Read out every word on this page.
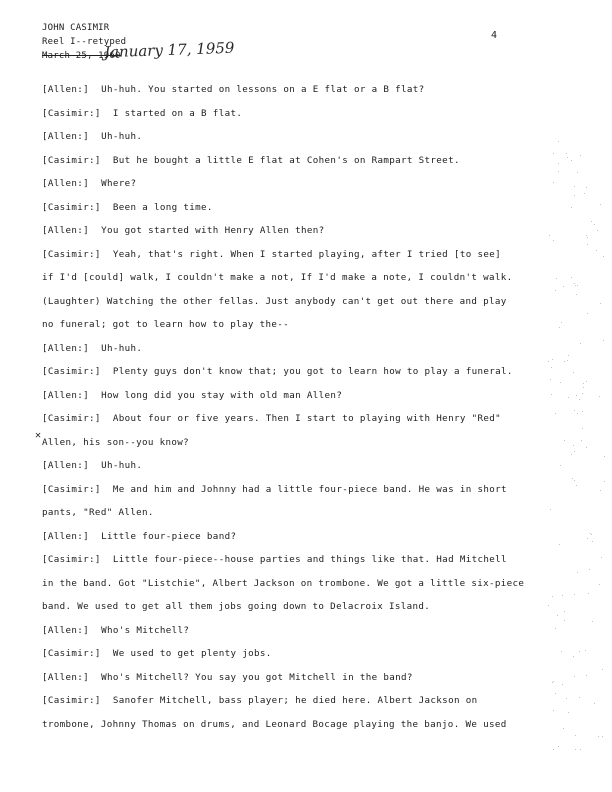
JOHN CASIMIR
Reel I--retyped
March 25, 1960
January 17, 1959
4
[Allen:] Uh-huh. You started on lessons on a E flat or a B flat?
[Casimir:] I started on a B flat.
[Allen:] Uh-huh.
[Casimir:] But he bought a little E flat at Cohen's on Rampart Street.
[Allen:] Where?
[Casimir:] Been a long time.
[Allen:] You got started with Henry Allen then?
[Casimir:] Yeah, that's right. When I started playing, after I tried [to see]
if I'd [could] walk, I couldn't make a not, If I'd make a note, I couldn't walk.
(Laughter) Watching the other fellas. Just anybody can't get out there and play
no funeral; got to learn how to play the--
[Allen:] Uh-huh.
[Casimir:] Plenty guys don't know that; you got to learn how to play a funeral.
[Allen:] How long did you stay with old man Allen?
[Casimir:] About four or five years. Then I start to playing with Henry "Red"
Allen, his son--you know?
[Allen:] Uh-huh.
[Casimir:] Me and him and Johnny had a little four-piece band. He was in short
pants, "Red" Allen.
[Allen:] Little four-piece band?
[Casimir:] Little four-piece--house parties and things like that. Had Mitchell
in the band. Got "Listchie", Albert Jackson on trombone. We got a little six-piece
band. We used to get all them jobs going down to Delacroix Island.
[Allen:] Who's Mitchell?
[Casimir:] We used to get plenty jobs.
[Allen:] Who's Mitchell? You say you got Mitchell in the band?
[Casimir:] Sanofer Mitchell, bass player; he died here. Albert Jackson on
trombone, Johnny Thomas on drums, and Leonard Bocage playing the banjo. We used
✕
